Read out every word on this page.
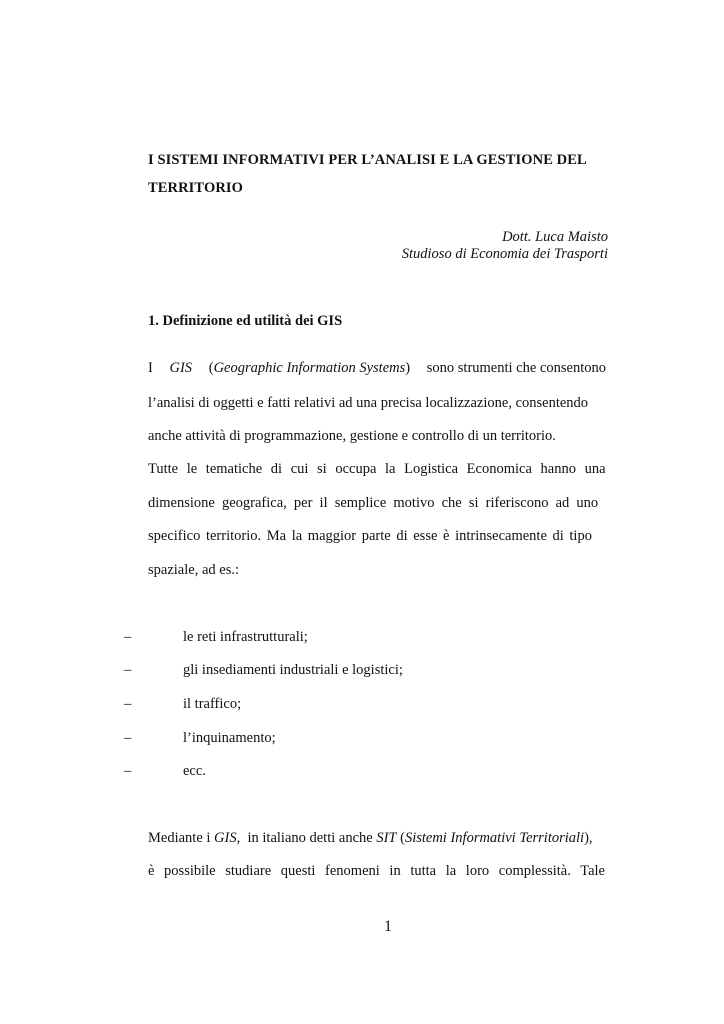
I SISTEMI INFORMATIVI PER L’ANALISI E LA GESTIONE DEL
TERRITORIO
Dott. Luca Maisto
Studioso di Economia dei Trasporti
1. Definizione ed utilità dei GIS
I GIS (Geographic Information Systems) sono strumenti che consentono
l’analisi di oggetti e fatti relativi ad una precisa localizzazione, consentendo
anche attività di programmazione, gestione e controllo di un territorio.
Tutte le tematiche di cui si occupa la Logistica Economica hanno una
dimensione geografica, per il semplice motivo che si riferiscono ad uno
specifico territorio. Ma la maggior parte di esse è intrinsecamente di tipo
spaziale, ad es.:
–	le reti infrastrutturali;
–	gli insediamenti industriali e logistici;
–	il traffico;
–	l’inquinamento;
–	ecc.
Mediante i GIS,  in italiano detti anche SIT (Sistemi Informativi Territoriali),
è possibile studiare questi fenomeni in tutta la loro complessità. Tale
1
